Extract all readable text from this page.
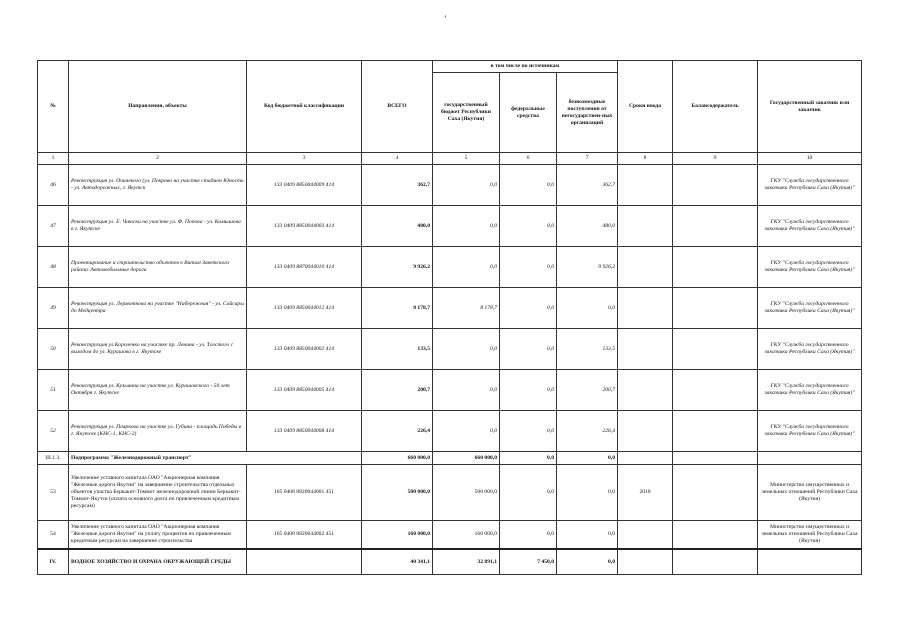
ʼ
№	Направления, объекты	Код бюджетной классификации	ВСЕГО	в том числе по источникам			Сроки ввода	Балансодержатель	Государственный заказчик или заказчик
				государственный бюджет Республики Саха (Якутия)	федеральные средства	безвозмездные поступления от негосударствен-ных организаций			
1	2	3	4	5	6	7	8	9	10
46	Реконструкция ул. Очичекого (ул. Покрово на участке стадион Юность - ул. Автодорожных, г. Якутск	133 0409 8850044009 414	362,7	0,0	0,0	362,7			ГКУ "Служба государственного заказчика Республики Саха (Якутия)"
47	Реконструкция ул. Е. Чаюски на участке ул. Ф. Попова - ул. Камышова в г. Якутске	133 0409 8850044003 414	480,0	0,0	0,0	480,0			ГКУ "Служба государственного заказчика Республики Саха (Якутия)"
48	Проектирование и строительство объектов в Витим Заветского района. Автомобильные дороги	133 0409 8870044010 414	9 926,2	0,0	0,0	9 926,2			ГКУ "Служба государственного заказчика Республики Саха (Якутия)"
49	Реконструкция ул. Лермонтова на участке "Набережная" - ул. Сайсары до Медцентра	133 0409 8850044012 414	8 178,7	8 178,7	0,0	0,0			ГКУ "Служба государственного заказчика Республики Саха (Якутия)"
50	Реконструкция ул.Короленко на участке пр. Ленина - ул. Толстого с выходом до ул. Курашова в г. Якутске	133 0409 8850044002 414	133,5	0,0	0,0	133,5			ГКУ "Служба государственного заказчика Республики Саха (Якутия)"
51	Реконструкция ул. Кузьмина на участке ул. Курашовского - 50 лет Октября г. Якутске	133 0409 8850044005 414	200,7	0,0	0,0	200,7			ГКУ "Служба государственного заказчика Республики Саха (Якутия)"
52	Реконструкция ул. Пояркова на участке ул. Губина - площадь Победы в г. Якутске (КНС-1, КНС-2)	133 0409 8850044008 414	226,4	0,0	0,0	226,4			ГКУ "Служба государственного заказчика Республики Саха (Якутия)"
III.1.3.	Подпрограмма "Железнодорожный транспорт"		660 000,0	660 000,0	0,0	0,0			
53	Увеличение уставного капитала ОАО "Акционерная компания "Железные дороги Якутии" на завершение строительства отдельных объектов участка Беркакит-Томмот железнодорожной линии Беркакит-Томмот-Якутск (оплата основного долга по привлеченным кредитным ресурсам)	165 0408 8820044001 451	500 000,0	500 000,0	0,0	0,0	2018		Министерство имущественных и земельных отношений Республики Саха (Якутия)
54	Увеличение уставного капитала ОАО "Акционерная компания "Железные дороги Якутии" на уплату процентов по привлеченным кредитным ресурсам на завершение строительства	165 0408 8820044002 451	160 000,0	160 000,0	0,0	0,0			Министерство имущественных и земельных отношений Республики Саха (Якутия)
IV.	ВОДНОЕ ХОЗЯЙСТВО И ОХРАНА ОКРУЖАЮЩЕЙ СРЕДЫ		40 341,1	32 891,1	7 450,0	0,0			
